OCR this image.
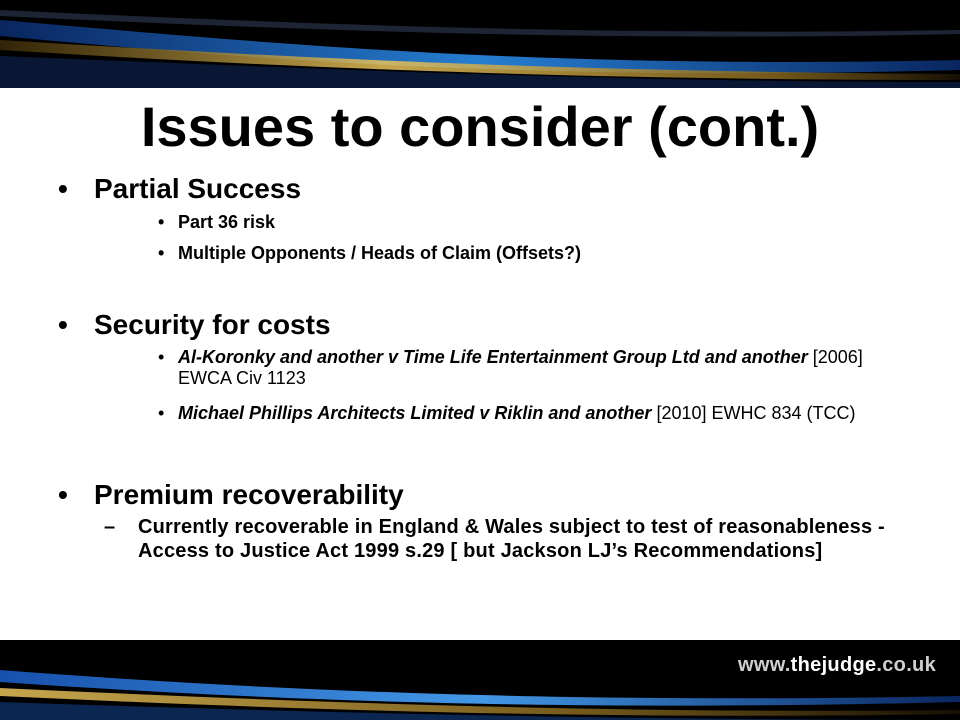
Issues to consider (cont.)
• Partial Success
• Part 36 risk
• Multiple Opponents / Heads of Claim (Offsets?)
• Security for costs
• Al-Koronky and another v Time Life Entertainment Group Ltd and another [2006] EWCA Civ 1123
• Michael Phillips Architects Limited v Riklin and another [2010] EWHC 834 (TCC)
• Premium recoverability
– Currently recoverable in England & Wales subject to test of reasonableness - Access to Justice Act 1999 s.29 [ but Jackson LJ’s Recommendations]
www.thejudge.co.uk
